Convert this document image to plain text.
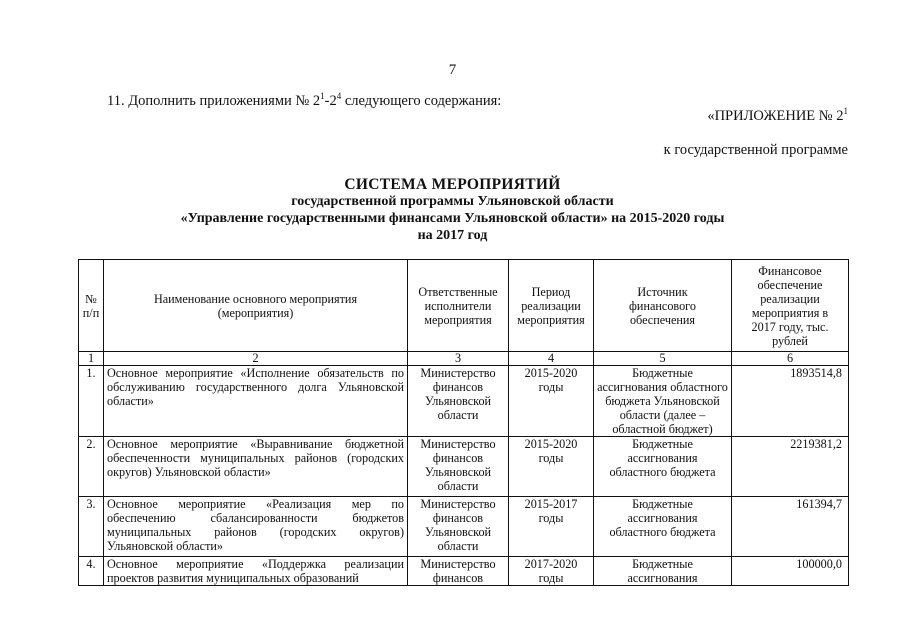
7
11. Дополнить приложениями № $2^1-2^4$ следующего содержания:
«ПРИЛОЖЕНИЕ № $2^1$
к государственной программе
СИСТЕМА МЕРОПРИЯТИЙ
государственной программы Ульяновской области
«Управление государственными финансами Ульяновской области» на 2015-2020 годы
на 2017 год
№ п/п	Наименование основного мероприятия (мероприятия)	Ответственные исполнители мероприятия	Период реализации мероприятия	Источник финансового обеспечения	Финансовое обеспечение реализации мероприятия в 2017 году, тыс. рублей
1	2	3	4	5	6
1.	Основное мероприятие «Исполнение обязательств по обслуживанию государственного долга Ульяновской области»	Министерство финансов Ульяновской области	2015-2020 годы	Бюджетные ассигнования областного бюджета Ульяновской области (далее – областной бюджет)	1893514,8
2.	Основное мероприятие «Выравнивание бюджетной обеспеченности муниципальных районов (городских округов) Ульяновской области»	Министерство финансов Ульяновской области	2015-2020 годы	Бюджетные ассигнования областного бюджета	2219381,2
3.	Основное мероприятие «Реализация мер по обеспечению сбалансированности бюджетов муниципальных районов (городских округов) Ульяновской области»	Министерство финансов Ульяновской области	2015-2017 годы	Бюджетные ассигнования областного бюджета	161394,7
4.	Основное мероприятие «Поддержка реализации проектов развития муниципальных образований	Министерство финансов	2017-2020 годы	Бюджетные ассигнования	100000,0
